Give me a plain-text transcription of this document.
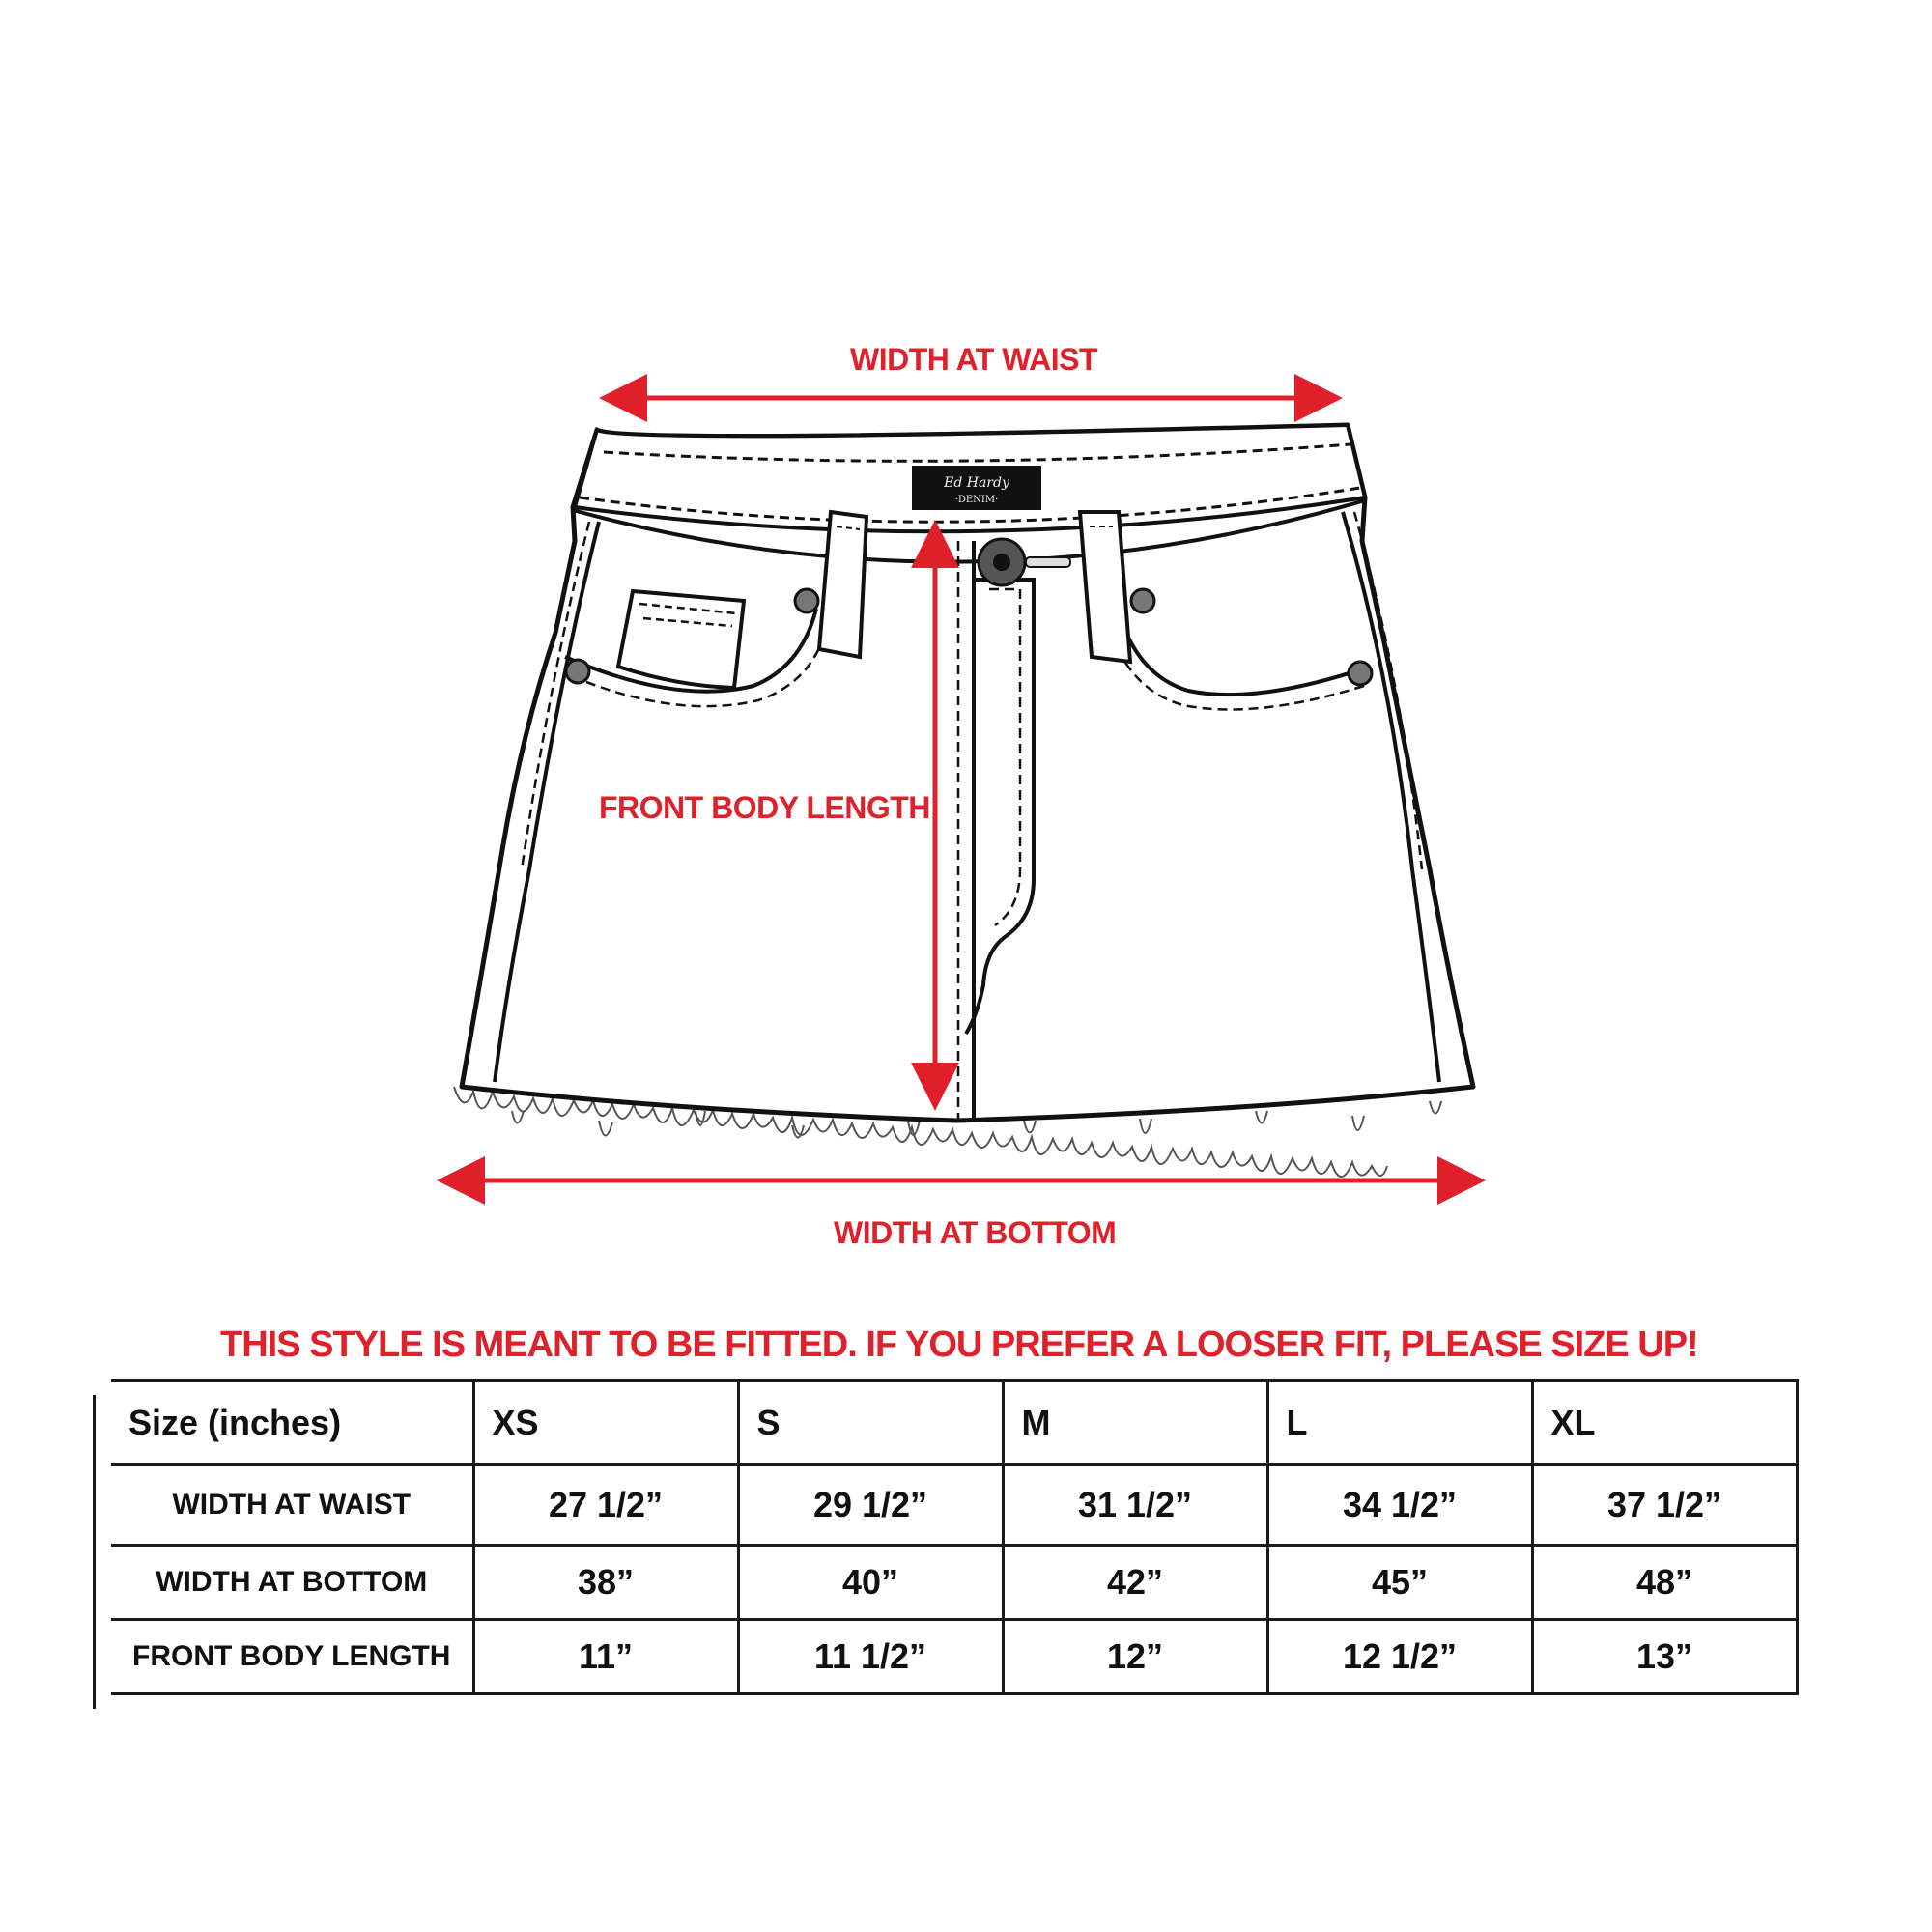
Ed Hardy
·DENIM·
WIDTH AT WAIST
FRONT BODY LENGTH
WIDTH AT BOTTOM
THIS STYLE IS MEANT TO BE FITTED. IF YOU PREFER A LOOSER FIT, PLEASE SIZE UP!
Size (inches)	XS	S	M	L	XL
WIDTH AT WAIST	27 1/2”	29 1/2”	31 1/2”	34 1/2”	37 1/2”
WIDTH AT BOTTOM	38”	40”	42”	45”	48”
FRONT BODY LENGTH	11”	11 1/2”	12”	12 1/2”	13”
